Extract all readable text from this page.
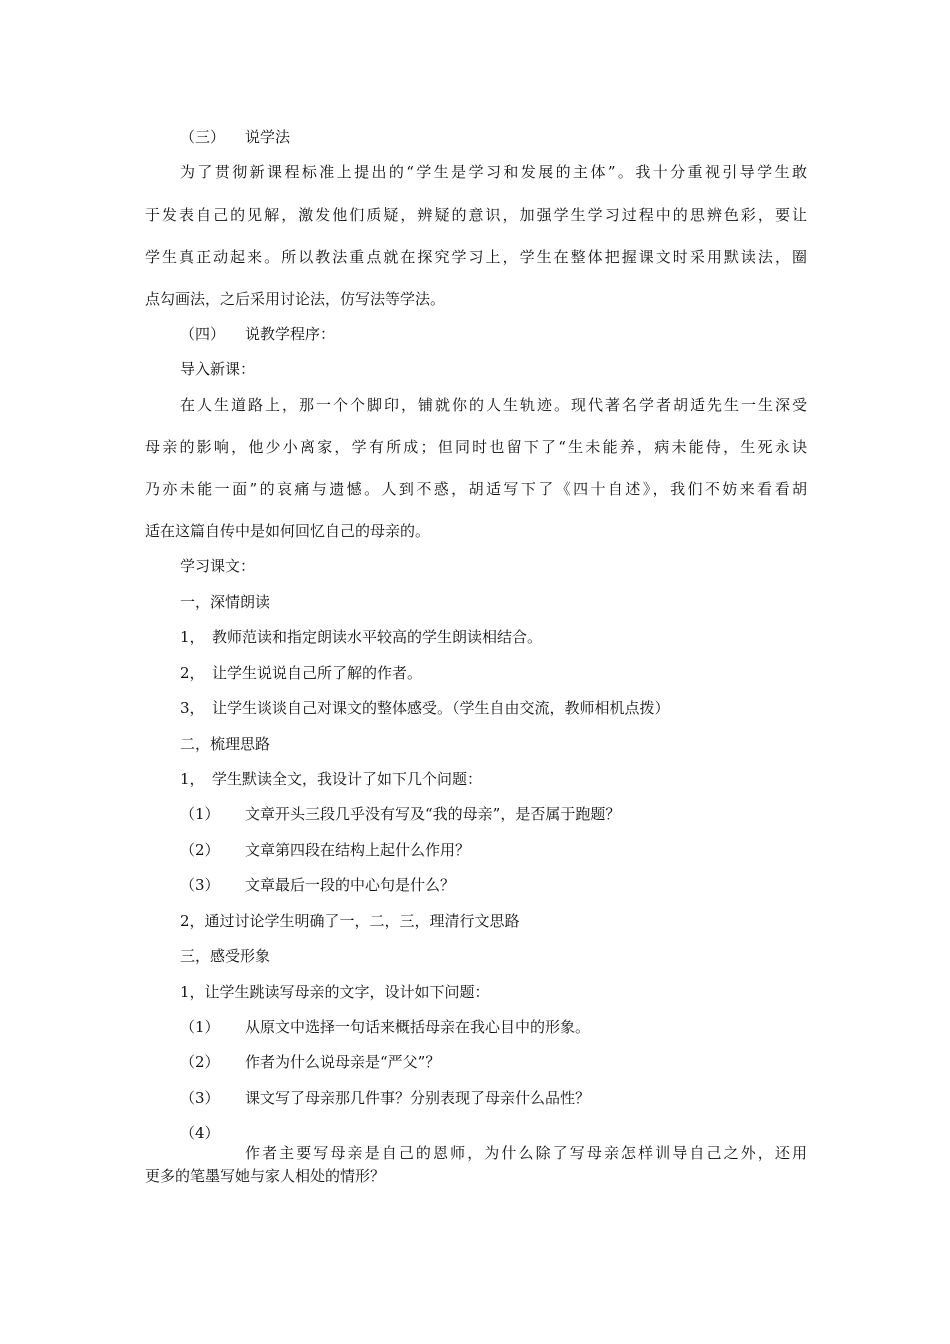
（三） 说学法
为了贯彻新课程标准上提出的“学生是学习和发展的主体”。我十分重视引导学生敢
于发表自己的见解，激发他们质疑，辨疑的意识，加强学生学习过程中的思辨色彩，要让
学生真正动起来。所以教法重点就在探究学习上，学生在整体把握课文时采用默读法，圈
点勾画法，之后采用讨论法，仿写法等学法。
（四） 说教学程序：
导入新课：
在人生道路上，那一个个脚印，铺就你的人生轨迹。现代著名学者胡适先生一生深受
母亲的影响，他少小离家，学有所成；但同时也留下了“生未能养，病未能侍，生死永诀
乃亦未能一面”的哀痛与遗憾。人到不惑，胡适写下了《四十自述》，我们不妨来看看胡
适在这篇自传中是如何回忆自己的母亲的。
学习课文：
一，深情朗读
1， 教师范读和指定朗读水平较高的学生朗读相结合。
2， 让学生说说自己所了解的作者。
3， 让学生谈谈自己对课文的整体感受。（学生自由交流，教师相机点拨）
二，梳理思路
1， 学生默读全文，我设计了如下几个问题：
（1） 文章开头三段几乎没有写及“我的母亲”，是否属于跑题？
（2） 文章第四段在结构上起什么作用？
（3） 文章最后一段的中心句是什么？
2，通过讨论学生明确了一，二，三，理清行文思路
三，感受形象
1，让学生跳读写母亲的文字，设计如下问题：
（1） 从原文中选择一句话来概括母亲在我心目中的形象。
（2） 作者为什么说母亲是“严父”？
（3） 课文写了母亲那几件事？分别表现了母亲什么品性？
（4）
作者主要写母亲是自己的恩师，为什么除了写母亲怎样训导自己之外，还用
更多的笔墨写她与家人相处的情形？
